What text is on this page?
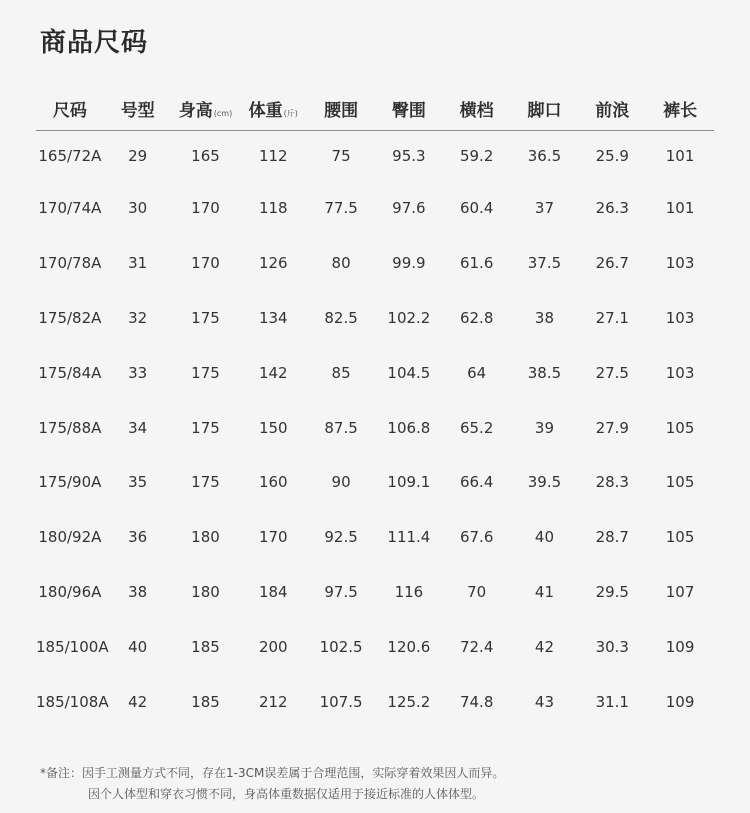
商品尺码
尺码	号型	身高(cm)	体重(斤)	腰围	臀围	横档	脚口	前浪	裤长
165/72A	29	165	112	75	95.3	59.2	36.5	25.9	101
170/74A	30	170	118	77.5	97.6	60.4	37	26.3	101
170/78A	31	170	126	80	99.9	61.6	37.5	26.7	103
175/82A	32	175	134	82.5	102.2	62.8	38	27.1	103
175/84A	33	175	142	85	104.5	64	38.5	27.5	103
175/88A	34	175	150	87.5	106.8	65.2	39	27.9	105
175/90A	35	175	160	90	109.1	66.4	39.5	28.3	105
180/92A	36	180	170	92.5	111.4	67.6	40	28.7	105
180/96A	38	180	184	97.5	116	70	41	29.5	107
185/100A	40	185	200	102.5	120.6	72.4	42	30.3	109
185/108A	42	185	212	107.5	125.2	74.8	43	31.1	109
*备注：因手工测量方式不同，存在1-3CM误差属于合理范围，实际穿着效果因人而异。
因个人体型和穿衣习惯不同，身高体重数据仅适用于接近标准的人体体型。
